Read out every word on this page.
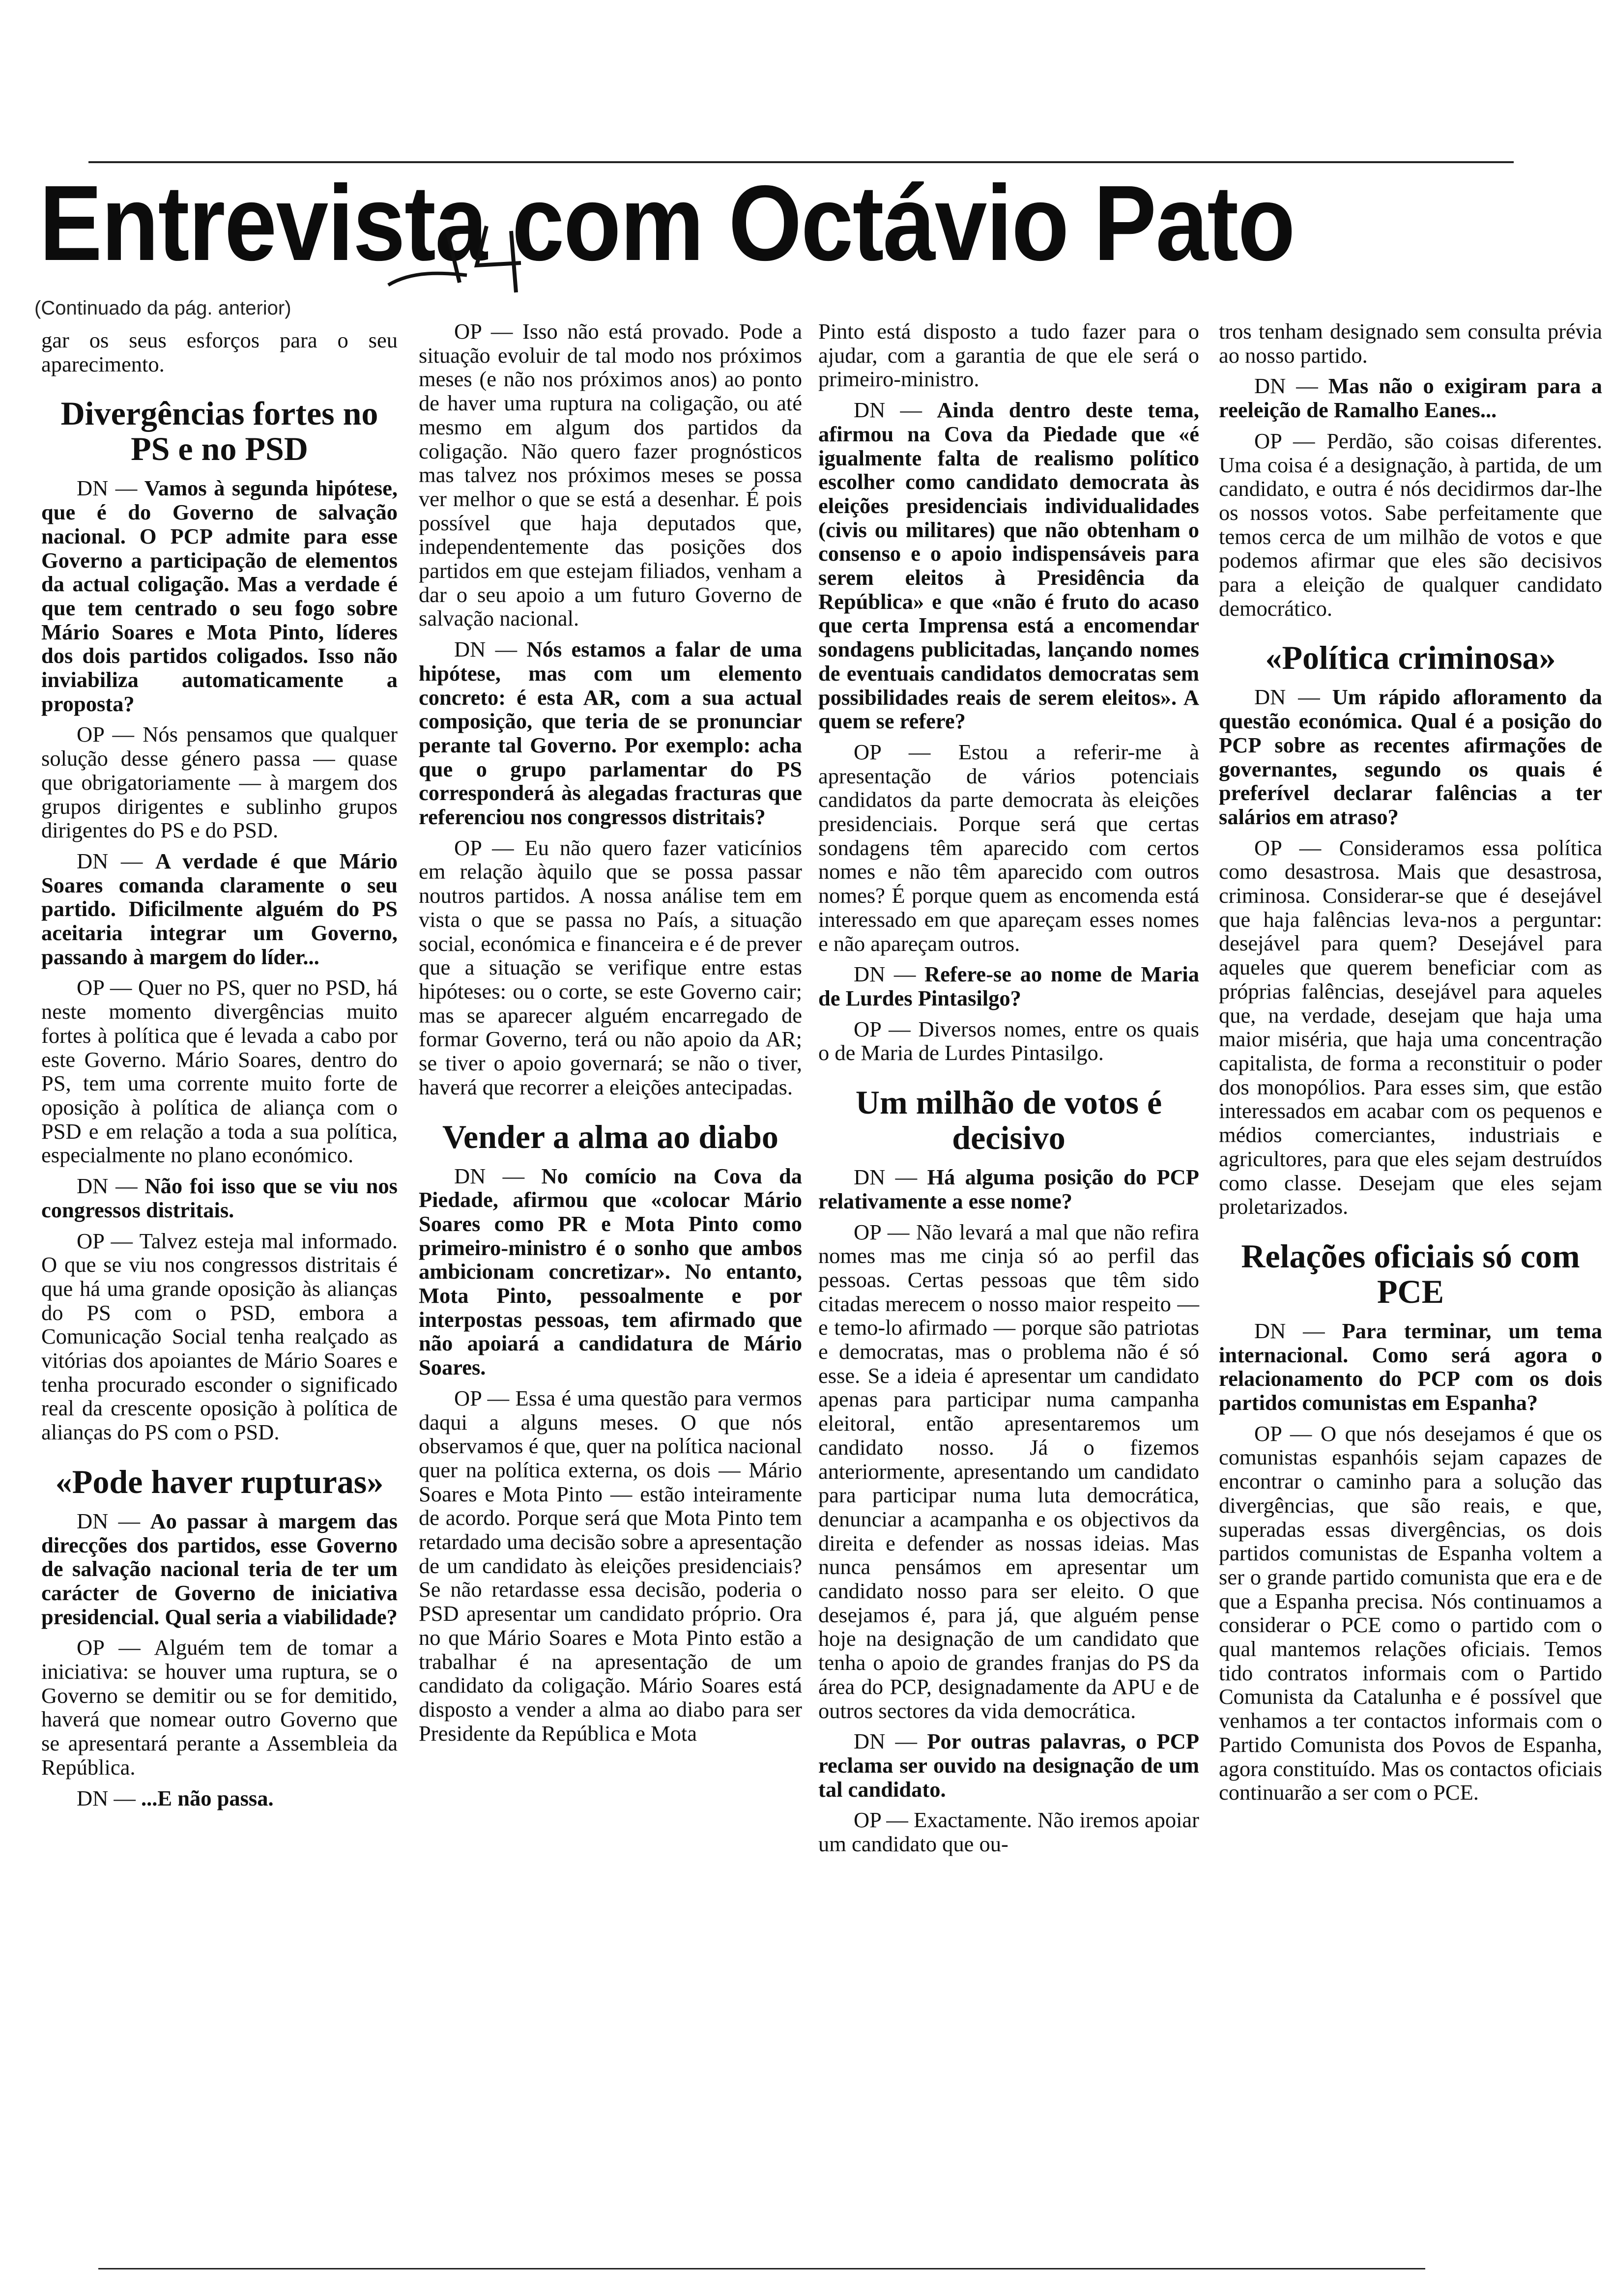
Entrevista com Octávio Pato
(Continuado da pág. anterior)

gar os seus esforços para o seu aparecimento.

Divergências fortes no PS e no PSD

DN — Vamos à segunda hipótese, que é do Governo de salvação nacional. O PCP admite para esse Governo a participação de elementos da actual coligação. Mas a verdade é que tem centrado o seu fogo sobre Mário Soares e Mota Pinto, líderes dos dois partidos coligados. Isso não inviabiliza automaticamente a proposta?

OP — Nós pensamos que qualquer solução desse género passa — quase que obrigatoriamente — à margem dos grupos dirigentes e sublinho grupos dirigentes do PS e do PSD.

DN — A verdade é que Mário Soares comanda claramente o seu partido. Dificilmente alguém do PS aceitaria integrar um Governo, passando à margem do líder...

OP — Quer no PS, quer no PSD, há neste momento divergências muito fortes à política que é levada a cabo por este Governo. Mário Soares, dentro do PS, tem uma corrente muito forte de oposição à política de aliança com o PSD e em relação a toda a sua política, especialmente no plano económico.

DN — Não foi isso que se viu nos congressos distritais.

OP — Talvez esteja mal informado. O que se viu nos congressos distritais é que há uma grande oposição às alianças do PS com o PSD, embora a Comunicação Social tenha realçado as vitórias dos apoiantes de Mário Soares e tenha procurado esconder o significado real da crescente oposição à política de alianças do PS com o PSD.

«Pode haver rupturas»

DN — Ao passar à margem das direcções dos partidos, esse Governo de salvação nacional teria de ter um carácter de Governo de iniciativa presidencial. Qual seria a viabilidade?

OP — Alguém tem de tomar a iniciativa: se houver uma ruptura, se o Governo se demitir ou se for demitido, haverá que nomear outro Governo que se apresentará perante a Assembleia da República.

DN — ...E não passa.

OP — Isso não está provado. Pode a situação evoluir de tal modo nos próximos meses (e não nos próximos anos) ao ponto de haver uma ruptura na coligação, ou até mesmo em algum dos partidos da coligação. Não quero fazer prognósticos mas talvez nos próximos meses se possa ver melhor o que se está a desenhar. É pois possível que haja deputados que, independentemente das posições dos partidos em que estejam filiados, venham a dar o seu apoio a um futuro Governo de salvação nacional.

DN — Nós estamos a falar de uma hipótese, mas com um elemento concreto: é esta AR, com a sua actual composição, que teria de se pronunciar perante tal Governo. Por exemplo: acha que o grupo parlamentar do PS corresponderá às alegadas fracturas que referenciou nos congressos distritais?

OP — Eu não quero fazer vaticínios em relação àquilo que se possa passar noutros partidos. A nossa análise tem em vista o que se passa no País, a situação social, económica e financeira e é de prever que a situação se verifique entre estas hipóteses: ou o corte, se este Governo cair; mas se aparecer alguém encarregado de formar Governo, terá ou não apoio da AR; se tiver o apoio governará; se não o tiver, haverá que recorrer a eleições antecipadas.

Vender a alma ao diabo

DN — No comício na Cova da Piedade, afirmou que «colocar Mário Soares como PR e Mota Pinto como primeiro-ministro é o sonho que ambos ambicionam concretizar». No entanto, Mota Pinto, pessoalmente e por interpostas pessoas, tem afirmado que não apoiará a candidatura de Mário Soares.

OP — Essa é uma questão para vermos daqui a alguns meses. O que nós observamos é que, quer na política nacional quer na política externa, os dois — Mário Soares e Mota Pinto — estão inteiramente de acordo. Porque será que Mota Pinto tem retardado uma decisão sobre a apresentação de um candidato às eleições presidenciais? Se não retardasse essa decisão, poderia o PSD apresentar um candidato próprio. Ora no que Mário Soares e Mota Pinto estão a trabalhar é na apresentação de um candidato da coligação. Mário Soares está disposto a vender a alma ao diabo para ser Presidente da República e Mota

Pinto está disposto a tudo fazer para o ajudar, com a garantia de que ele será o primeiro-ministro.

DN — Ainda dentro deste tema, afirmou na Cova da Piedade que «é igualmente falta de realismo político escolher como candidato democrata às eleições presidenciais individualidades (civis ou militares) que não obtenham o consenso e o apoio indispensáveis para serem eleitos à Presidência da República» e que «não é fruto do acaso que certa Imprensa está a encomendar sondagens publicitadas, lançando nomes de eventuais candidatos democratas sem possibilidades reais de serem eleitos». A quem se refere?

OP — Estou a referir-me à apresentação de vários potenciais candidatos da parte democrata às eleições presidenciais. Porque será que certas sondagens têm aparecido com certos nomes e não têm aparecido com outros nomes? É porque quem as encomenda está interessado em que apareçam esses nomes e não apareçam outros.

DN — Refere-se ao nome de Maria de Lurdes Pintasilgo?

OP — Diversos nomes, entre os quais o de Maria de Lurdes Pintasilgo.

Um milhão de votos é decisivo

DN — Há alguma posição do PCP relativamente a esse nome?

OP — Não levará a mal que não refira nomes mas me cinja só ao perfil das pessoas. Certas pessoas que têm sido citadas merecem o nosso maior respeito — e temo-lo afirmado — porque são patriotas e democratas, mas o problema não é só esse. Se a ideia é apresentar um candidato apenas para participar numa campanha eleitoral, então apresentaremos um candidato nosso. Já o fizemos anteriormente, apresentando um candidato para participar numa luta democrática, denunciar a acampanha e os objectivos da direita e defender as nossas ideias. Mas nunca pensámos em apresentar um candidato nosso para ser eleito. O que desejamos é, para já, que alguém pense hoje na designação de um candidato que tenha o apoio de grandes franjas do PS da área do PCP, designadamente da APU e de outros sectores da vida democrática.

DN — Por outras palavras, o PCP reclama ser ouvido na designação de um tal candidato.

OP — Exactamente. Não iremos apoiar um candidato que ou-

tros tenham designado sem consulta prévia ao nosso partido.

DN — Mas não o exigiram para a reeleição de Ramalho Eanes...

OP — Perdão, são coisas diferentes. Uma coisa é a designação, à partida, de um candidato, e outra é nós decidirmos dar-lhe os nossos votos. Sabe perfeitamente que temos cerca de um milhão de votos e que podemos afirmar que eles são decisivos para a eleição de qualquer candidato democrático.

«Política criminosa»

DN — Um rápido afloramento da questão económica. Qual é a posição do PCP sobre as recentes afirmações de governantes, segundo os quais é preferível declarar falências a ter salários em atraso?

OP — Consideramos essa política como desastrosa. Mais que desastrosa, criminosa. Considerar-se que é desejável que haja falências leva-nos a perguntar: desejável para quem? Desejável para aqueles que querem beneficiar com as próprias falências, desejável para aqueles que, na verdade, desejam que haja uma maior miséria, que haja uma concentração capitalista, de forma a reconstituir o poder dos monopólios. Para esses sim, que estão interessados em acabar com os pequenos e médios comerciantes, industriais e agricultores, para que eles sejam destruídos como classe. Desejam que eles sejam proletarizados.

Relações oficiais só com PCE

DN — Para terminar, um tema internacional. Como será agora o relacionamento do PCP com os dois partidos comunistas em Espanha?

OP — O que nós desejamos é que os comunistas espanhóis sejam capazes de encontrar o caminho para a solução das divergências, que são reais, e que, superadas essas divergências, os dois partidos comunistas de Espanha voltem a ser o grande partido comunista que era e de que a Espanha precisa. Nós continuamos a considerar o PCE como o partido com o qual mantemos relações oficiais. Temos tido contratos informais com o Partido Comunista da Catalunha e é possível que venhamos a ter contactos informais com o Partido Comunista dos Povos de Espanha, agora constituído. Mas os contactos oficiais continuarão a ser com o PCE.
